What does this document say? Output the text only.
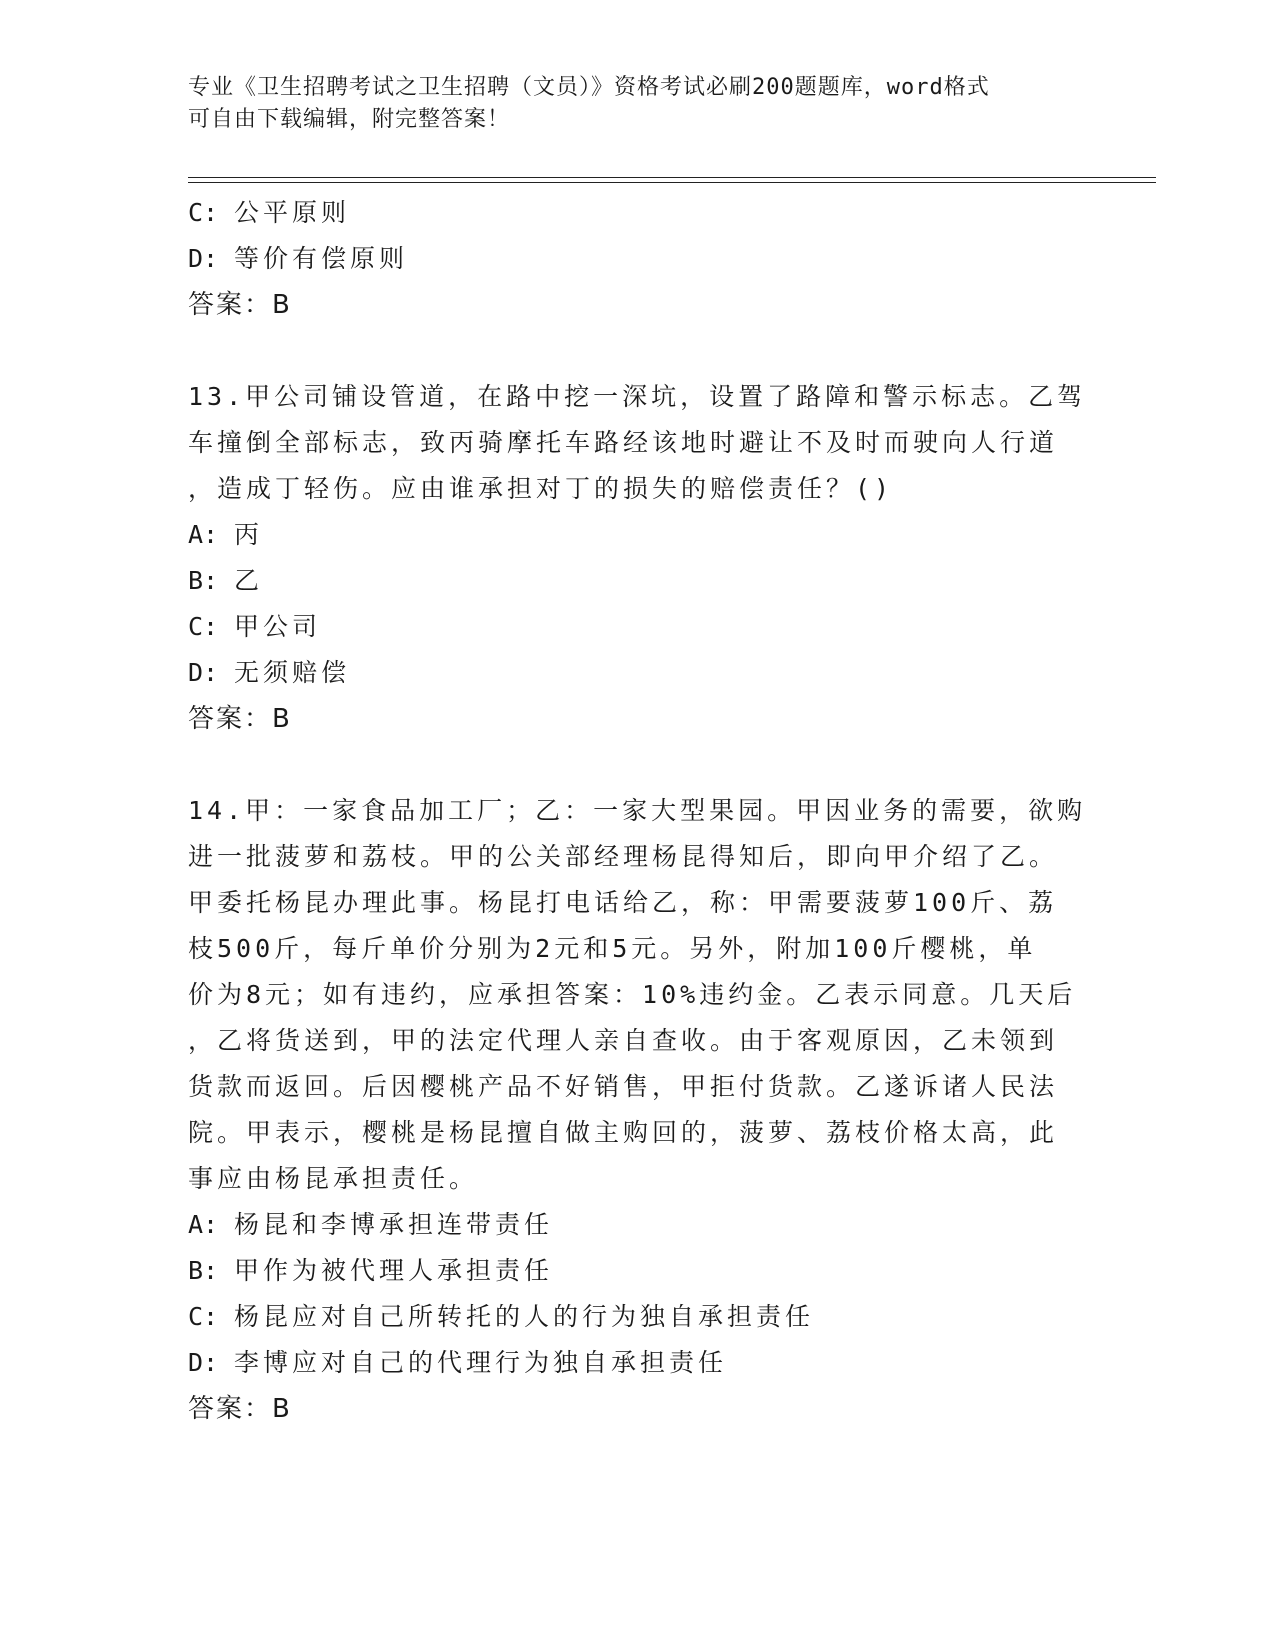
专业《卫生招聘考试之卫生招聘（文员）》资格考试必刷200题题库，word格式
可自由下载编辑，附完整答案！
C: 公平原则
D: 等价有偿原则
答案：B
13.甲公司铺设管道，在路中挖一深坑，设置了路障和警示标志。乙驾
车撞倒全部标志，致丙骑摩托车路经该地时避让不及时而驶向人行道
，造成丁轻伤。应由谁承担对丁的损失的赔偿责任？()
A: 丙
B: 乙
C: 甲公司
D: 无须赔偿
答案：B
14.甲：一家食品加工厂；乙：一家大型果园。甲因业务的需要，欲购
进一批菠萝和荔枝。甲的公关部经理杨昆得知后，即向甲介绍了乙。
甲委托杨昆办理此事。杨昆打电话给乙，称：甲需要菠萝100斤、荔
枝500斤，每斤单价分别为2元和5元。另外，附加100斤樱桃，单
价为8元；如有违约，应承担答案：10%违约金。乙表示同意。几天后
，乙将货送到，甲的法定代理人亲自查收。由于客观原因，乙未领到
货款而返回。后因樱桃产品不好销售，甲拒付货款。乙遂诉诸人民法
院。甲表示，樱桃是杨昆擅自做主购回的，菠萝、荔枝价格太高，此
事应由杨昆承担责任。
A: 杨昆和李博承担连带责任
B: 甲作为被代理人承担责任
C: 杨昆应对自己所转托的人的行为独自承担责任
D: 李博应对自己的代理行为独自承担责任
答案：B
